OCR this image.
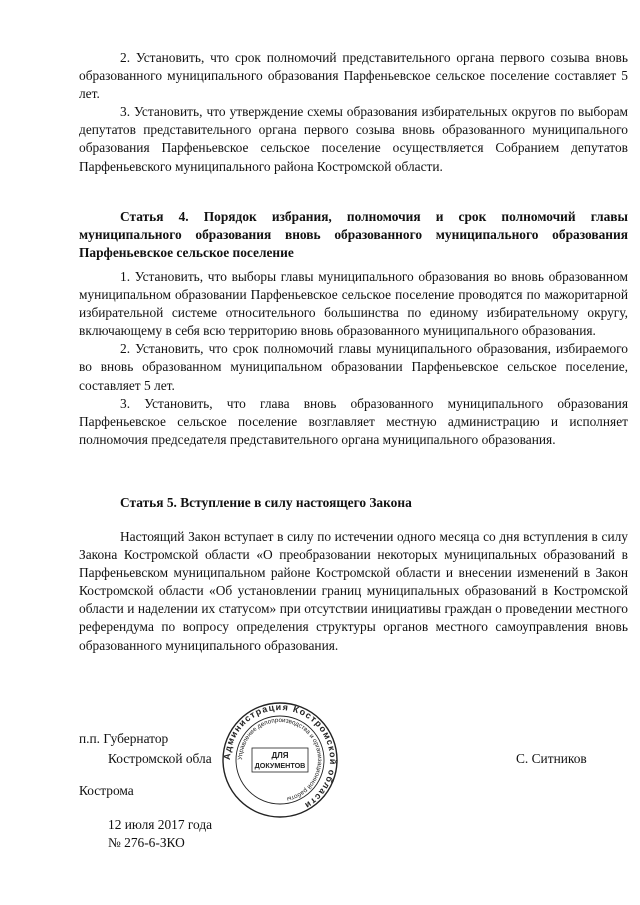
2. Установить, что срок полномочий представительного органа первого созыва вновь образованного муниципального образования Парфеньевское сельское поселение составляет 5 лет.

3. Установить, что утверждение схемы образования избирательных округов по выборам депутатов представительного органа первого созыва вновь образованного муниципального образования Парфеньевское сельское поселение осуществляется Собранием депутатов Парфеньевского муниципального района Костромской области.

Статья 4. Порядок избрания, полномочия и срок полномочий главы муниципального образования вновь образованного муниципального образования Парфеньевское сельское поселение

1. Установить, что выборы главы муниципального образования во вновь образованном муниципальном образовании Парфеньевское сельское поселение проводятся по мажоритарной избирательной системе относительного большинства по единому избирательному округу, включающему в себя всю территорию вновь образованного муниципального образования.

2. Установить, что срок полномочий главы муниципального образования, избираемого во вновь образованном муниципальном образовании Парфеньевское сельское поселение, составляет 5 лет.

3. Установить, что глава вновь образованного муниципального образования Парфеньевское сельское поселение возглавляет местную администрацию и исполняет полномочия председателя представительного органа муниципального образования.

Статья 5. Вступление в силу настоящего Закона

Настоящий Закон вступает в силу по истечении одного месяца со дня вступления в силу Закона Костромской области «О преобразовании некоторых муниципальных образований в Парфеньевском муниципальном районе Костромской области и внесении изменений в Закон Костромской области «Об установлении границ муниципальных образований в Костромской области и наделении их статусом» при отсутствии инициативы граждан о проведении местного референдума по вопросу определения структуры органов местного самоуправления вновь образованного муниципального образования.

п.п. Губернатор
Костромской обла	С. Ситников
Кострома
12 июля 2017 года
№ 276-6-ЗКО
Администрация Костромской области
Управление делопроизводства и организационной работы
ДЛЯ
ДОКУМЕНТОВ
